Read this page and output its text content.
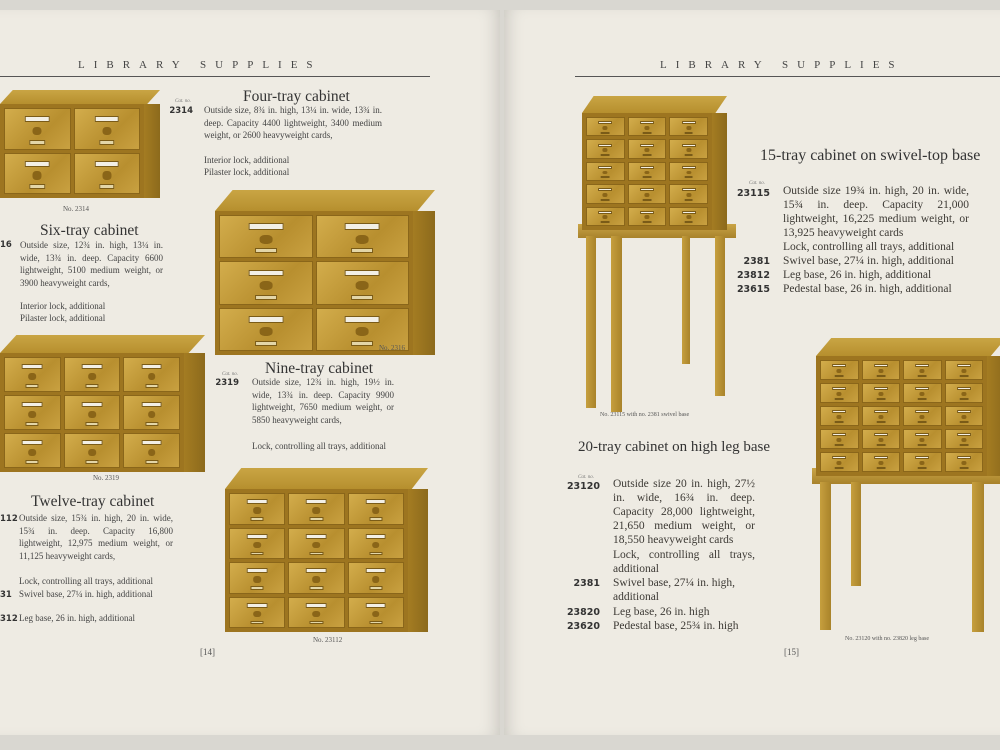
LIBRARY SUPPLIES
No. 2314
Four-tray cabinet
Cat. no.
2314 Outside size, 8¾ in. high, 13¼ in. wide, 13¾ in. deep. Capacity 4400 lightweight, 3400 medium weight, or 2600 heavyweight cards,
Interior lock, additional
Pilaster lock, additional
Six-tray cabinet
16 Outside size, 12¾ in. high, 13¼ in. wide, 13¾ in. deep. Capacity 6600 lightweight, 5100 medium weight, or 3900 heavyweight cards,
Interior lock, additional
Pilaster lock, additional
No. 2316
No. 2319
Nine-tray cabinet
Cat. no.
2319 Outside size, 12¾ in. high, 19½ in. wide, 13¾ in. deep. Capacity 9900 lightweight, 7650 medium weight, or 5850 heavyweight cards,
Lock, controlling all trays, additional
Twelve-tray cabinet
112 Outside size, 15¾ in. high, 20 in. wide, 15¾ in. deep. Capacity 16,800 lightweight, 12,975 medium weight, or 11,125 heavyweight cards,
Lock, controlling all trays, additional
31 Swivel base, 27¼ in. high, additional
312 Leg base, 26 in. high, additional
No. 23112
[14]
LIBRARY SUPPLIES
No. 23115 with no. 2381 swivel base
15-tray cabinet on swivel-top base
Cat. no.
23115 Outside size 19¾ in. high, 20 in. wide, 15¾ in. deep. Capacity 21,000 lightweight, 16,225 medium weight, or 13,925 heavyweight cards
Lock, controlling all trays, additional
2381 Swivel base, 27¼ in. high, additional
23812 Leg base, 26 in. high, additional
23615 Pedestal base, 26 in. high, additional
20-tray cabinet on high leg base
Cat. no.
23120 Outside size 20 in. high, 27½ in. wide, 16¾ in. deep. Capacity 28,000 lightweight, 21,650 medium weight, or 18,550 heavyweight cards
Lock, controlling all trays, additional
2381 Swivel base, 27¼ in. high, additional
23820 Leg base, 26 in. high
23620 Pedestal base, 25¾ in. high
No. 23120 with no. 23820 leg base
[15]
